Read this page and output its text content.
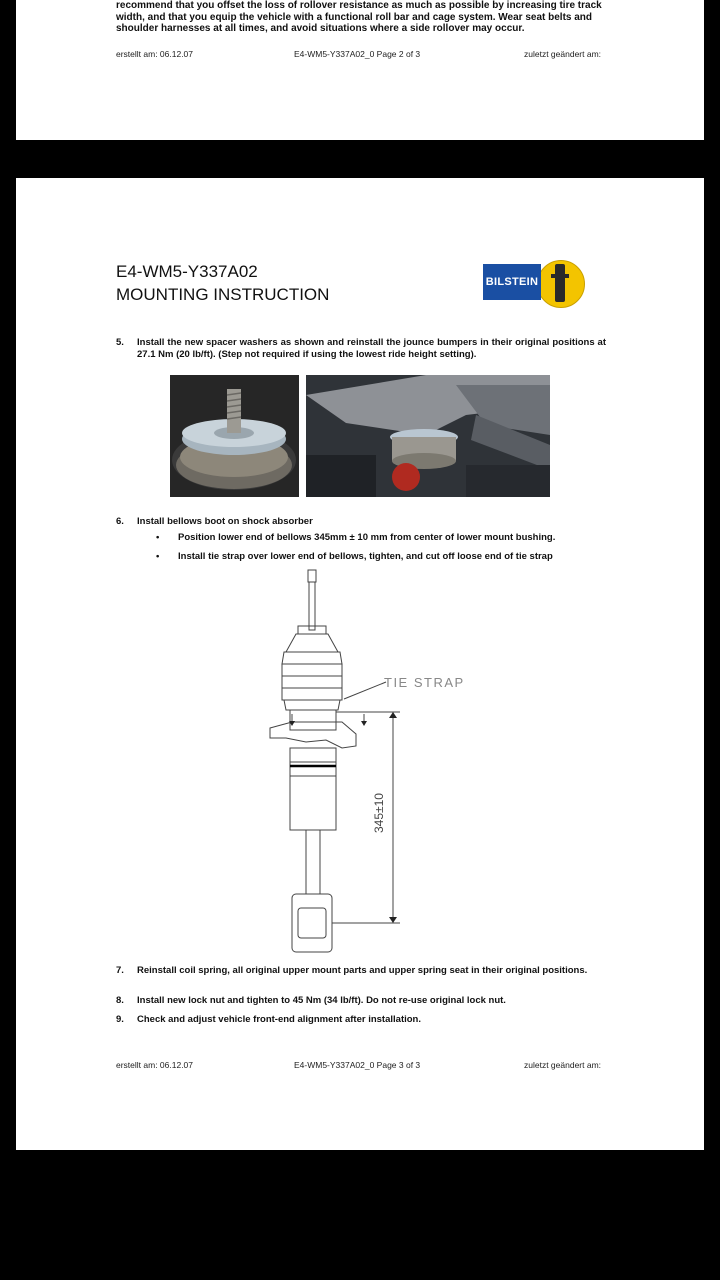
recommend that you offset the loss of rollover resistance as much as possible by increasing tire track
width, and that you equip the vehicle with a functional roll bar and cage system. Wear seat belts and
shoulder harnesses at all times, and avoid situations where a side rollover may occur.
erstellt am: 06.12.07	E4-WM5-Y337A02_0 Page 2 of 3	zuletzt geändert am:
E4-WM5-Y337A02
MOUNTING INSTRUCTION
BILSTEIN
5. Install the new spacer washers as shown and reinstall the jounce bumpers in their original positions at 27.1 Nm (20 lb/ft). (Step not required if using the lowest ride height setting).
6. Install bellows boot on shock absorber
• Position lower end of bellows 345mm ± 10 mm from center of lower mount bushing.
• Install tie strap over lower end of bellows, tighten, and cut off loose end of tie strap
345±10
TIE STRAP
7. Reinstall coil spring, all original upper mount parts and upper spring seat in their original positions.
8. Install new lock nut and tighten to 45 Nm (34 lb/ft). Do not re-use original lock nut.
9. Check and adjust vehicle front-end alignment after installation.
erstellt am: 06.12.07	E4-WM5-Y337A02_0 Page 3 of 3	zuletzt geändert am:
